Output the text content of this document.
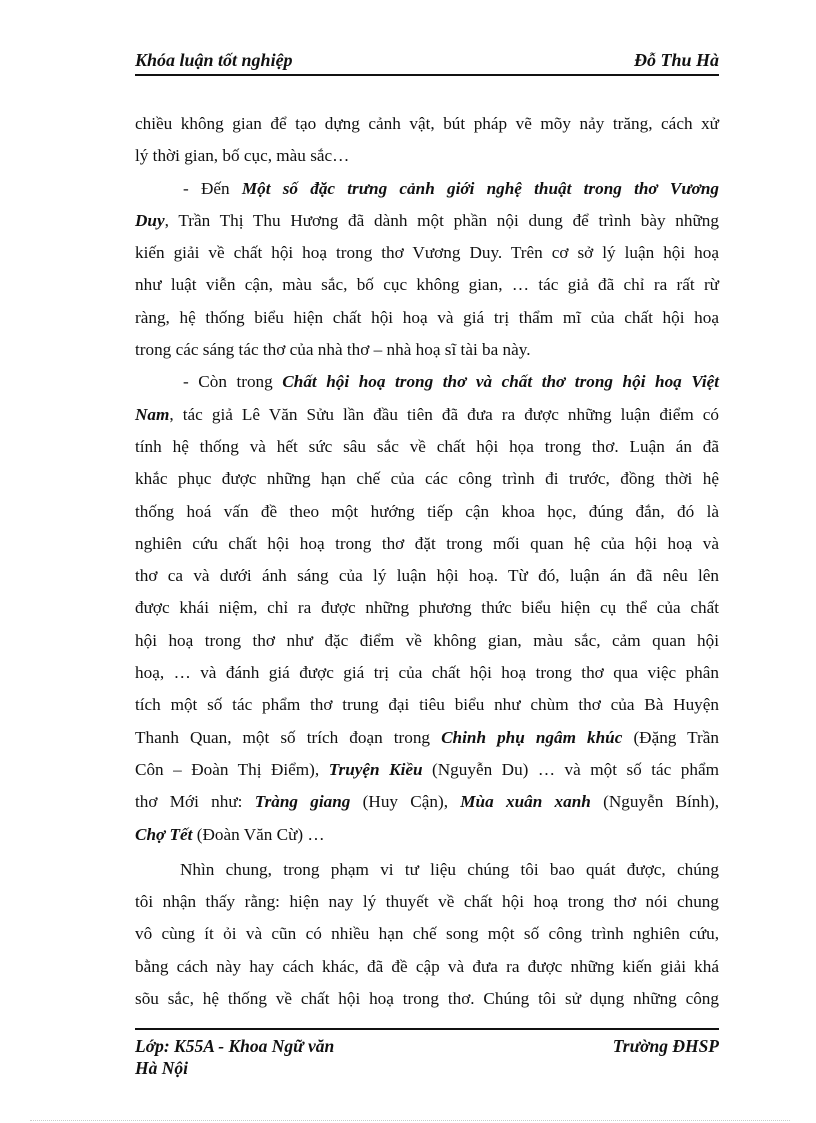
Khóa luận tốt nghiệp	Đỗ Thu Hà
chiều không gian để tạo dựng cảnh vật, bút pháp vẽ mõy nảy trăng, cách xử
lý thời gian, bố cục, màu sắc…
- Đến Một số đặc trưng cảnh giới nghệ thuật trong thơ Vương
Duy, Trần Thị Thu Hương đã dành một phần nội dung để trình bày những
kiến giải về chất hội hoạ trong thơ Vương Duy. Trên cơ sở lý luận hội hoạ
như luật viễn cận, màu sắc, bố cục không gian, … tác giả đã chỉ ra rất rừ
ràng, hệ thống biểu hiện chất hội hoạ và giá trị thẩm mĩ của chất hội hoạ
trong các sáng tác thơ của nhà thơ – nhà hoạ sĩ tài ba này.
- Còn trong Chất hội hoạ trong thơ và chất thơ trong hội hoạ Việt
Nam, tác giả Lê Văn Sửu lần đầu tiên đã đưa ra được những luận điểm có
tính hệ thống và hết sức sâu sắc về chất hội họa trong thơ. Luận án đã
khắc phục được những hạn chế của các công trình đi trước, đồng thời hệ
thống hoá vấn đề theo một hướng tiếp cận khoa học, đúng đắn, đó là
nghiên cứu chất hội hoạ trong thơ đặt trong mối quan hệ của hội hoạ và
thơ ca và dưới ánh sáng của lý luận hội hoạ. Từ đó, luận án đã nêu lên
được khái niệm, chỉ ra được những phương thức biểu hiện cụ thể của chất
hội hoạ trong thơ như đặc điểm về không gian, màu sắc, cảm quan hội
hoạ, … và đánh giá được giá trị của chất hội hoạ trong thơ qua việc phân
tích một số tác phẩm thơ trung đại tiêu biểu như chùm thơ của Bà Huyện
Thanh Quan, một số trích đoạn trong Chinh phụ ngâm khúc (Đặng Trần
Côn – Đoàn Thị Điểm), Truyện Kiều (Nguyễn Du) … và một số tác phẩm
thơ Mới như: Tràng giang (Huy Cận), Mùa xuân xanh (Nguyễn Bính),
Chợ Tết (Đoàn Văn Cừ) …
Nhìn chung, trong phạm vi tư liệu chúng tôi bao quát được, chúng
tôi nhận thấy rằng: hiện nay lý thuyết về chất hội hoạ trong thơ nói chung
vô cùng ít ỏi và cũn có nhiều hạn chế song một số công trình nghiên cứu,
bằng cách này hay cách khác, đã đề cập và đưa ra được những kiến giải khá
sõu sắc, hệ thống về chất hội hoạ trong thơ. Chúng tôi sử dụng những công
Lớp: K55A - Khoa Ngữ văn
Hà Nội
Trường ĐHSP
